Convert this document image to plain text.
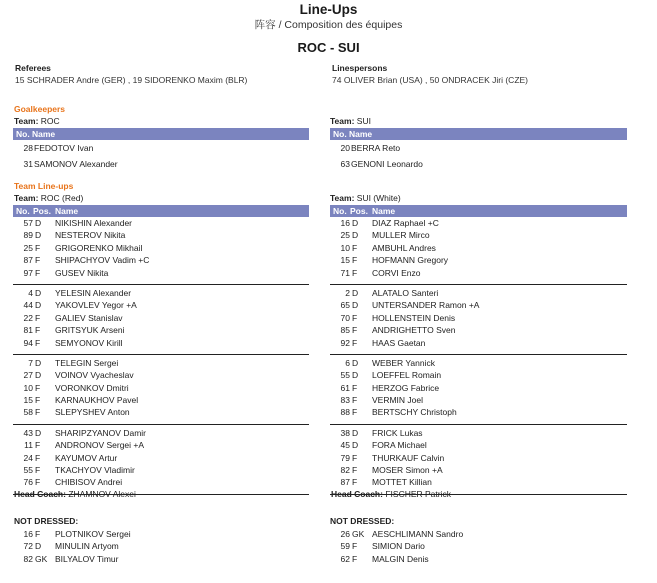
Line-Ups
阵容 / Composition des équipes
ROC - SUI
Referees
15 SCHRADER Andre (GER) , 19 SIDORENKO Maxim (BLR)
Linespersons
74 OLIVER Brian (USA) , 50 ONDRACEK Jiri (CZE)
Goalkeepers
Team: ROC	Team: SUI
No. Name	No. Name
28 FEDOTOV Ivan
31 SAMONOV Alexander
20 BERRA Reto
63 GENONI Leonardo
Team Line-ups
Team: ROC (Red)	Team: SUI (White)
No. Pos. Name	No. Pos. Name
57 D NIKISHIN Alexander
89 D NESTEROV Nikita
25 F GRIGORENKO Mikhail
87 F SHIPACHYOV Vadim +C
97 F GUSEV Nikita
4 D YELESIN Alexander
44 D YAKOVLEV Yegor +A
22 F GALIEV Stanislav
81 F GRITSYUK Arseni
94 F SEMYONOV Kirill
7 D TELEGIN Sergei
27 D VOINOV Vyacheslav
10 F VORONKOV Dmitri
15 F KARNAUKHOV Pavel
58 F SLEPYSHEV Anton
43 D SHARIPZYANOV Damir
11 F ANDRONOV Sergei +A
24 F KAYUMOV Artur
55 F TKACHYOV Vladimir
76 F CHIBISOV Andrei
16 D DIAZ Raphael +C
25 D MULLER Mirco
10 F AMBUHL Andres
15 F HOFMANN Gregory
71 F CORVI Enzo
2 D ALATALO Santeri
65 D UNTERSANDER Ramon +A
70 F HOLLENSTEIN Denis
85 F ANDRIGHETTO Sven
92 F HAAS Gaetan
6 D WEBER Yannick
55 D LOEFFEL Romain
61 F HERZOG Fabrice
83 F VERMIN Joel
88 F BERTSCHY Christoph
38 D FRICK Lukas
45 D FORA Michael
79 F THURKAUF Calvin
82 F MOSER Simon +A
87 F MOTTET Killian
Head Coach: ZHAMNOV Alexei	Head Coach: FISCHER Patrick
NOT DRESSED:	NOT DRESSED:
16 F PLOTNIKOV Sergei
72 D MINULIN Artyom
82 GK BILYALOV Timur
26 GK AESCHLIMANN Sandro
59 F SIMION Dario
62 F MALGIN Denis
